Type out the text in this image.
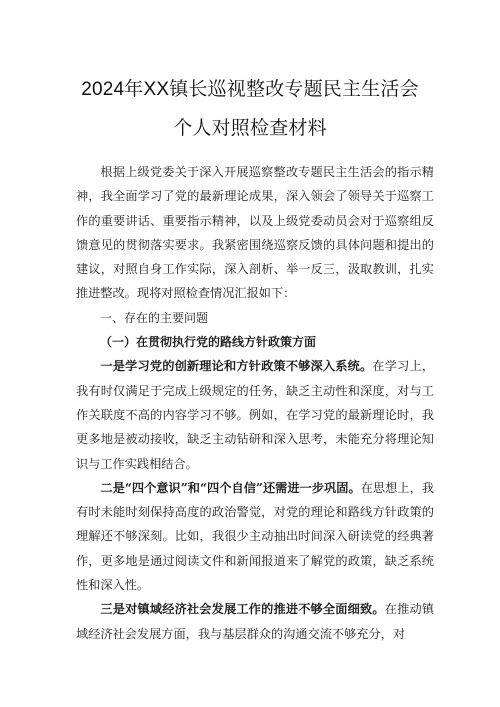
2024年XX镇长巡视整改专题民主生活会
个人对照检查材料

根据上级党委关于深入开展巡察整改专题民主生活会的指示精神，我全面学习了党的最新理论成果，深入领会了领导关于巡察工作的重要讲话、重要指示精神，以及上级党委动员会对于巡察组反馈意见的贯彻落实要求。我紧密围绕巡察反馈的具体问题和提出的建议，对照自身工作实际，深入剖析、举一反三，汲取教训，扎实推进整改。现将对照检查情况汇报如下：

一、存在的主要问题

（一）在贯彻执行党的路线方针政策方面

一是学习党的创新理论和方针政策不够深入系统。在学习上，我有时仅满足于完成上级规定的任务，缺乏主动性和深度，对与工作关联度不高的内容学习不够。例如，在学习党的最新理论时，我更多地是被动接收，缺乏主动钻研和深入思考，未能充分将理论知识与工作实践相结合。

二是“四个意识”和“四个自信”还需进一步巩固。在思想上，我有时未能时刻保持高度的政治警觉，对党的理论和路线方针政策的理解还不够深刻。比如，我很少主动抽出时间深入研读党的经典著作，更多地是通过阅读文件和新闻报道来了解党的政策，缺乏系统性和深入性。

三是对镇域经济社会发展工作的推进不够全面细致。在推动镇域经济社会发展方面，我与基层群众的沟通交流不够充分，对
